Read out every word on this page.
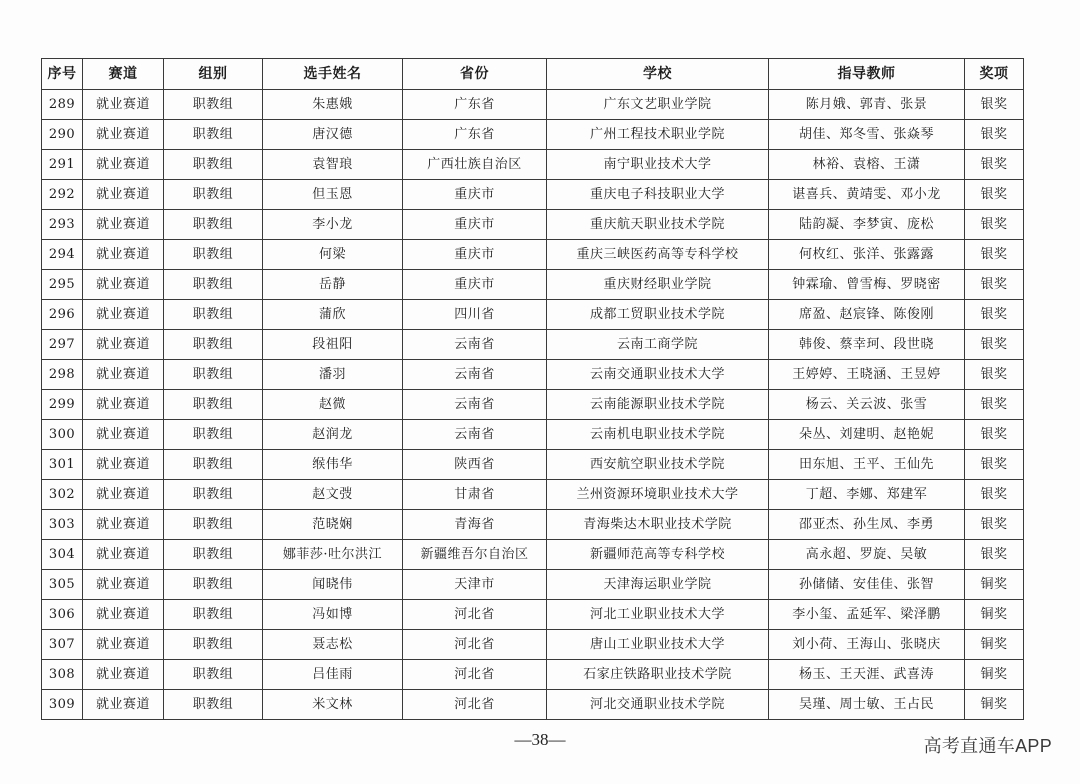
序号	赛道	组别	选手姓名	省份	学校	指导教师	奖项
289	就业赛道	职教组	朱惠娥	广东省	广东文艺职业学院	陈月娥、郭青、张景	银奖
290	就业赛道	职教组	唐汉德	广东省	广州工程技术职业学院	胡佳、郑冬雪、张焱琴	银奖
291	就业赛道	职教组	袁智琅	广西壮族自治区	南宁职业技术大学	林裕、袁榕、王潇	银奖
292	就业赛道	职教组	但玉恩	重庆市	重庆电子科技职业大学	谌喜兵、黄靖雯、邓小龙	银奖
293	就业赛道	职教组	李小龙	重庆市	重庆航天职业技术学院	陆韵凝、李梦寅、庞松	银奖
294	就业赛道	职教组	何梁	重庆市	重庆三峡医药高等专科学校	何枚红、张洋、张露露	银奖
295	就业赛道	职教组	岳静	重庆市	重庆财经职业学院	钟霖瑜、曾雪梅、罗晓密	银奖
296	就业赛道	职教组	蒲欣	四川省	成都工贸职业技术学院	席盈、赵宸锋、陈俊刚	银奖
297	就业赛道	职教组	段祖阳	云南省	云南工商学院	韩俊、蔡幸珂、段世晓	银奖
298	就业赛道	职教组	潘羽	云南省	云南交通职业技术大学	王婷婷、王晓涵、王昱婷	银奖
299	就业赛道	职教组	赵微	云南省	云南能源职业技术学院	杨云、关云波、张雪	银奖
300	就业赛道	职教组	赵润龙	云南省	云南机电职业技术学院	朵丛、刘建明、赵艳妮	银奖
301	就业赛道	职教组	缑伟华	陕西省	西安航空职业技术学院	田东旭、王平、王仙先	银奖
302	就业赛道	职教组	赵文弢	甘肃省	兰州资源环境职业技术大学	丁超、李娜、郑建军	银奖
303	就业赛道	职教组	范晓娴	青海省	青海柴达木职业技术学院	邵亚杰、孙生凤、李勇	银奖
304	就业赛道	职教组	娜菲莎·吐尔洪江	新疆维吾尔自治区	新疆师范高等专科学校	高永超、罗旋、吴敏	银奖
305	就业赛道	职教组	闻晓伟	天津市	天津海运职业学院	孙储储、安佳佳、张智	铜奖
306	就业赛道	职教组	冯如博	河北省	河北工业职业技术大学	李小玺、孟延军、梁泽鹏	铜奖
307	就业赛道	职教组	聂志松	河北省	唐山工业职业技术大学	刘小荷、王海山、张晓庆	铜奖
308	就业赛道	职教组	吕佳雨	河北省	石家庄铁路职业技术学院	杨玉、王天涯、武喜涛	铜奖
309	就业赛道	职教组	米文林	河北省	河北交通职业技术学院	吴瑾、周士敏、王占民	铜奖
—38—	高考直通车APP
